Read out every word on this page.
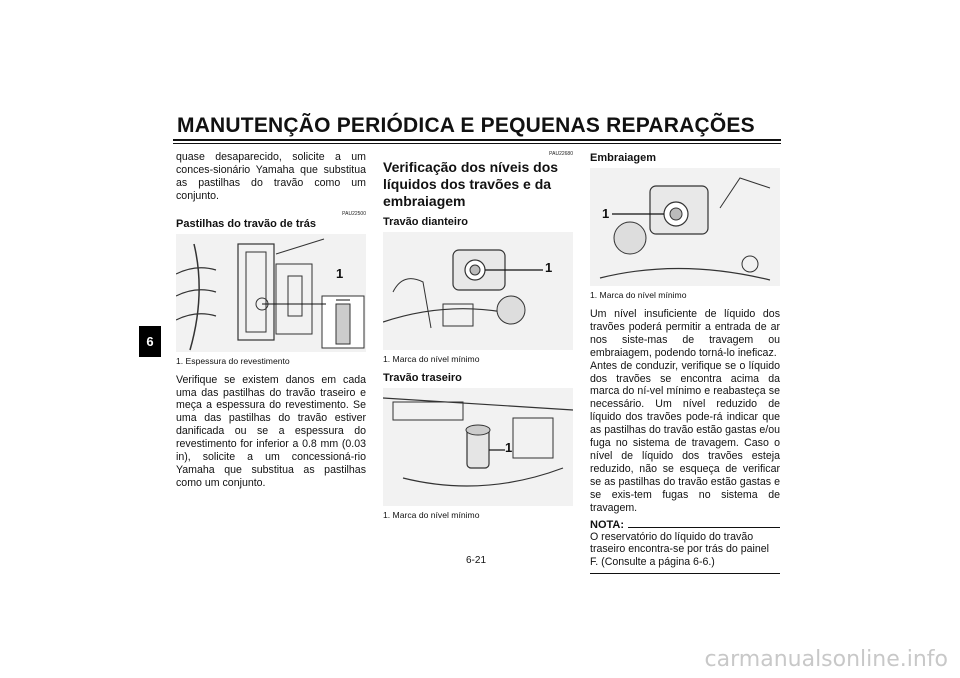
MANUTENÇÃO PERIÓDICA E PEQUENAS REPARAÇÕES
6

quase desaparecido, solicite a um conces-sionário Yamaha que substitua as pastilhas do travão como um conjunto.

PAU22500
Pastilhas do travão de trás
1
1. Espessura do revestimento

Verifique se existem danos em cada uma das pastilhas do travão traseiro e meça a espessura do revestimento. Se uma das pastilhas do travão estiver danificada ou se a espessura do revestimento for inferior a 0.8 mm (0.03 in), solicite a um concessioná-rio Yamaha que substitua as pastilhas como um conjunto.

PAU22680
Verificação dos níveis dos líquidos dos travões e da embraiagem
Travão dianteiro
1
1. Marca do nível mínimo
Travão traseiro
1
1. Marca do nível mínimo
Embraiagem
1
1. Marca do nível mínimo

Um nível insuficiente de líquido dos travões poderá permitir a entrada de ar nos siste-mas de travagem ou embraiagem, podendo torná-lo ineficaz.

Antes de conduzir, verifique se o líquido dos travões se encontra acima da marca do ní-vel mínimo e reabasteça se necessário. Um nível reduzido de líquido dos travões pode-rá indicar que as pastilhas do travão estão gastas e/ou fuga no sistema de travagem. Caso o nível de líquido dos travões esteja reduzido, não se esqueça de verificar se as pastilhas do travão estão gastas e se exis-tem fugas no sistema de travagem.

NOTA:

O reservatório do líquido do travão traseiro encontra-se por trás do painel F. (Consulte a página 6-6.)

6-21
carmanualsonline.info
